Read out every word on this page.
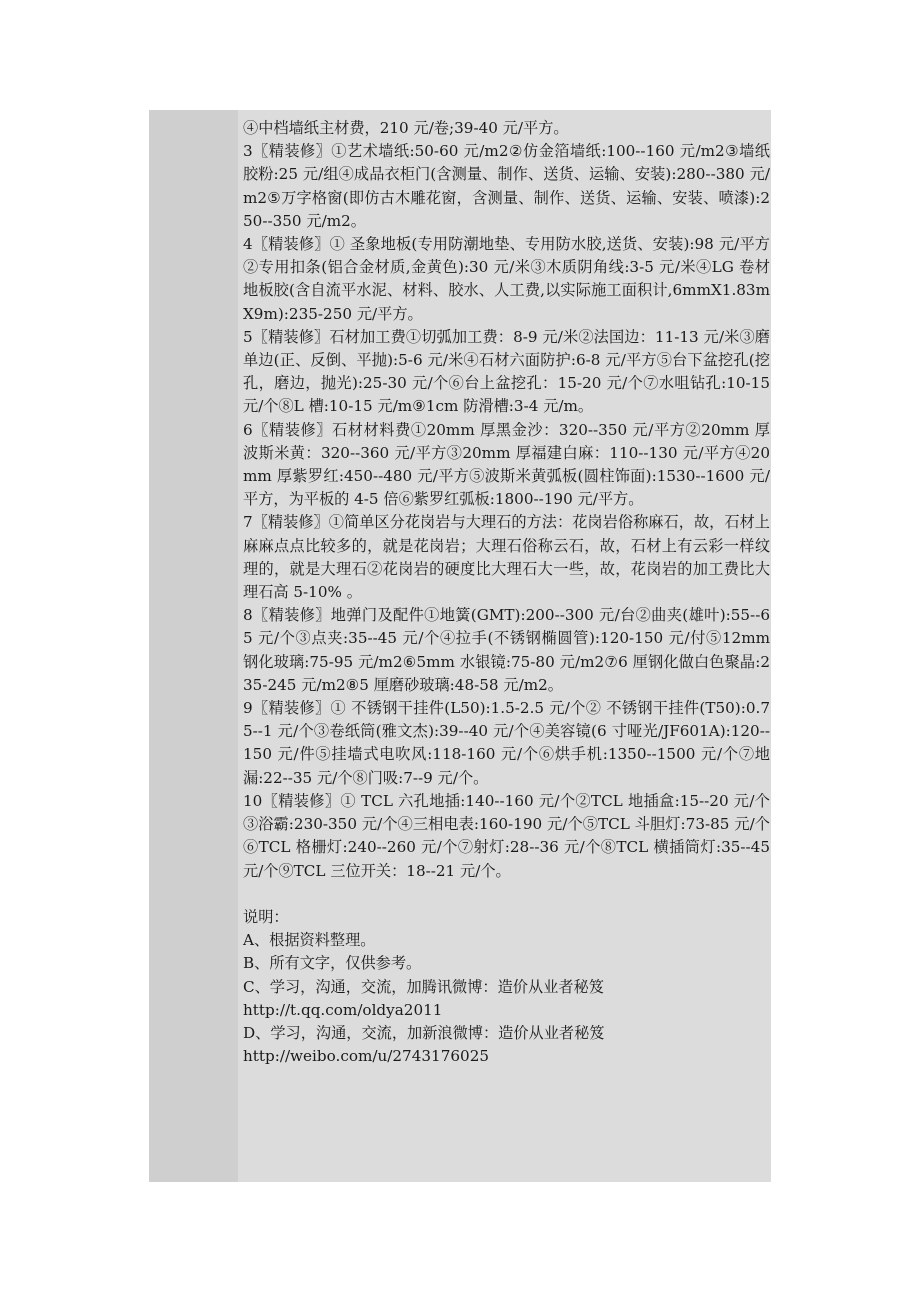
④中档墙纸主材费，210 元/卷;39-40 元/平方。

3〖精装修〗①艺术墙纸:50-60 元/m2②仿金箔墙纸:100--160 元/m2③墙纸胶粉:25 元/组④成品衣柜门(含测量、制作、送货、运输、安装):280--380 元/m2⑤万字格窗(即仿古木雕花窗，含测量、制作、送货、运输、安装、喷漆):250--350 元/m2。

4〖精装修〗① 圣象地板(专用防潮地垫、专用防水胶,送货、安装):98 元/平方②专用扣条(铝合金材质,金黄色):30 元/米③木质阴角线:3-5 元/米④LG 卷材地板胶(含自流平水泥、材料、胶水、人工费,以实际施工面积计,6mmX1.83mX9m):235-250 元/平方。

5〖精装修〗石材加工费①切弧加工费：8-9 元/米②法国边：11-13 元/米③磨单边(正、反倒、平抛):5-6 元/米④石材六面防护:6-8 元/平方⑤台下盆挖孔(挖孔，磨边，抛光):25-30 元/个⑥台上盆挖孔：15-20 元/个⑦水咀钻孔:10-15 元/个⑧L 槽:10-15 元/m⑨1cm 防滑槽:3-4 元/m。

6〖精装修〗石材材料费①20mm 厚黑金沙：320--350 元/平方②20mm 厚波斯米黄：320--360 元/平方③20mm 厚福建白麻：110--130 元/平方④20mm 厚紫罗红:450--480 元/平方⑤波斯米黄弧板(圆柱饰面):1530--1600 元/平方，为平板的 4-5 倍⑥紫罗红弧板:1800--190 元/平方。

7〖精装修〗①简单区分花岗岩与大理石的方法：花岗岩俗称麻石，故，石材上麻麻点点比较多的，就是花岗岩；大理石俗称云石，故，石材上有云彩一样纹理的，就是大理石②花岗岩的硬度比大理石大一些，故，花岗岩的加工费比大理石高 5-10% 。

8〖精装修〗地弹门及配件①地簧(GMT):200--300 元/台②曲夹(雄叶):55--65 元/个③点夹:35--45 元/个④拉手(不锈钢椭圆管):120-150 元/付⑤12mm 钢化玻璃:75-95 元/m2⑥5mm 水银镜:75-80 元/m2⑦6 厘钢化做白色聚晶:235-245 元/m2⑧5 厘磨砂玻璃:48-58 元/m2。

9〖精装修〗① 不锈钢干挂件(L50):1.5-2.5 元/个② 不锈钢干挂件(T50):0.75--1 元/个③卷纸筒(雅文杰):39--40 元/个④美容镜(6 寸哑光/JF601A):120--150 元/件⑤挂墙式电吹风:118-160 元/个⑥烘手机:1350--1500 元/个⑦地漏:22--35 元/个⑧门吸:7--9 元/个。

10〖精装修〗① TCL 六孔地插:140--160 元/个②TCL 地插盒:15--20 元/个③浴霸:230-350 元/个④三相电表:160-190 元/个⑤TCL 斗胆灯:73-85 元/个⑥TCL 格栅灯:240--260 元/个⑦射灯:28--36 元/个⑧TCL 横插筒灯:35--45 元/个⑨TCL 三位开关：18--21 元/个。

说明：

A、根据资料整理。

B、所有文字，仅供参考。

C、学习，沟通，交流，加腾讯微博：造价从业者秘笈

http://t.qq.com/oldya2011

D、学习，沟通，交流，加新浪微博：造价从业者秘笈

http://weibo.com/u/2743176025
